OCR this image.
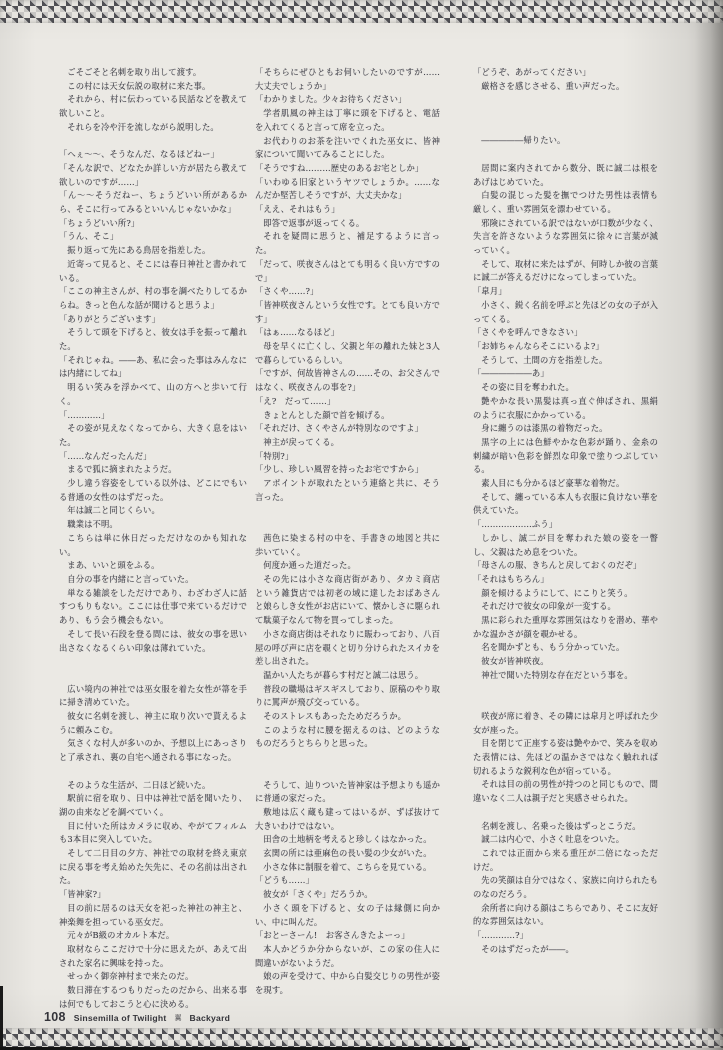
ごそごそと名刺を取り出して渡す。

この村には天女伝説の取材に来た事。

それから、村に伝わっている民話などを教えて欲しいこと。

それらを冷や汗を流しながら説明した。

「へぇ～～、そうなんだ、なるほどねー」

「そんな訳で、どなたか詳しい方が居たら教えて欲しいのですが……」

「ん～～そうだねー、ちょうどいい所があるから、そこに行ってみるといいんじゃないかな」

「ちょうどいい所?」

「うん、そこ」

振り返って先にある鳥居を指差した。

近寄って見ると、そこには春日神社と書かれている。

「ここの神主さんが、村の事を調べたりしてるからね。きっと色んな話が聞けると思うよ」

「ありがとうございます」

そうして頭を下げると、彼女は手を振って離れた。

「それじゃね。――あ、私に会った事はみんなには内緒にしてね」

明るい笑みを浮かべて、山の方へと歩いて行く。

「…………」

その姿が見えなくなってから、大きく息をはいた。

「……なんだったんだ」

まるで狐に摘まれたようだ。

少し違う容姿をしている以外は、どこにでもいる普通の女性のはずだった。

年は誠二と同じくらい。

職業は不明。

こちらは単に休日だっただけなのかも知れない。

まあ、いいと頭をふる。

自分の事を内緒にと言っていた。

単なる雑談をしただけであり、わざわざ人に話すつもりもない。ここには仕事で来ているだけであり、もう会う機会もない。

そして長い石段を登る間には、彼女の事を思い出さなくなるくらい印象は薄れていた。

広い境内の神社では巫女服を着た女性が箒を手に掃き清めていた。

彼女に名刺を渡し、神主に取り次いで貰えるように頼みこむ。

気さくな村人が多いのか、予想以上にあっさりと了承され、裏の自宅へ通される事になった。

そのような生活が、二日ほど続いた。

駅前に宿を取り、日中は神社で話を聞いたり、湖の由来などを調べていく。

目に付いた所はカメラに収め、やがてフィルムも3本目に突入していた。

そして二日目の夕方、神社での取材を終え東京に戻る事を考え始めた矢先に、その名前は出された。

「皆神家?」

目の前に居るのは天女を祀った神社の神主と、神楽舞を担っている巫女だ。

元々がB級のオカルト本だ。

取材ならここだけで十分に思えたが、あえて出された家名に興味を持った。

せっかく御奈神村まで来たのだ。

数日滞在するつもりだったのだから、出来る事は何でもしておこうと心に決める。

「そちらにぜひともお伺いしたいのですが……大丈夫でしょうか」

「わかりました。少々お待ちください」

学者肌風の神主は丁寧に頭を下げると、電話を入れてくると言って席を立った。

お代わりのお茶を注いでくれた巫女に、皆神家について聞いてみることにした。

「そうですね………歴史のあるお宅としか」

「いわゆる旧家というヤツでしょうか。……なんだか堅苦しそうですが、大丈夫かな」

「ええ、それはもう」

即答で返事が返ってくる。

それを疑問に思うと、補足するように言った。

「だって、咲夜さんはとても明るく良い方ですので」

「さくや……?」

「皆神咲夜さんという女性です。とても良い方です」

「はぁ……なるほど」

母を早くに亡くし、父親と年の離れた妹と3人で暮らしているらしい。

「ですが、何故皆神さんの……その、お父さんではなく、咲夜さんの事を?」

「え?　だって……」

きょとんとした顔で首を傾げる。

「それだけ、さくやさんが特別なのですよ」

神主が戻ってくる。

「特別?」

「少し、珍しい風習を持ったお宅ですから」

アポイントが取れたという連絡と共に、そう言った。

茜色に染まる村の中を、手書きの地図と共に歩いていく。

何度か通った道だった。

その先には小さな商店街があり、タカミ商店という雑貨店では初老の域に達したおばあさんと娘らしき女性がお店にいて、懐かしさに駆られて駄菓子なんて物を買ってしまった。

小さな商店街はそれなりに賑わっており、八百屋の呼び声に店を覗くと切り分けられたスイカを差し出された。

温かい人たちが暮らす村だと誠二は思う。

普段の職場はギスギスしており、原稿のやり取りに罵声が飛び交っている。

そのストレスもあったためだろうか。

このような村に腰を据えるのは、どのようなものだろうとちらりと思った。

そうして、辿りついた皆神家は予想よりも遥かに普通の家だった。

敷地は広く蔵も建ってはいるが、ずば抜けて大きいわけではない。

田舎の土地柄を考えると珍しくはなかった。

玄関の所には亜麻色の長い髪の少女がいた。

小さな体に制服を着て、こちらを見ている。

「どうも……」

彼女が「さくや」だろうか。

小さく頭を下げると、女の子は縁側に向かい、中に叫んだ。

「おとーさーん!　お客さんきたよーっ」

本人かどうか分からないが、この家の住人に間違いがないようだ。

娘の声を受けて、中から白髪交じりの男性が姿を現す。

「どうぞ、あがってください」

厳格さを感じさせる、重い声だった。

―――――帰りたい。

居間に案内されてから数分、既に誠二は根をあげはじめていた。

白髪の混じった髪を撫でつけた男性は表情も厳しく、重い雰囲気を漂わせている。

邪険にされている訳ではないが口数が少なく、失言を許さないような雰囲気に徐々に言葉が減っていく。

そして、取材に来たはずが、何時しか彼の言葉に誠二が答えるだけになってしまっていた。

「皐月」

小さく、鋭く名前を呼ぶと先ほどの女の子が入ってくる。

「さくやを呼んできなさい」

「お姉ちゃんならそこにいるよ?」

そうして、土間の方を指差した。

「――――――あ」

その姿に目を奪われた。

艶やかな長い黒髪は真っ直ぐ伸ばされ、黒絹のように衣服にかかっている。

身に纏うのは漆黒の着物だった。

黒字の上には色鮮やかな色彩が踊り、金糸の刺繍が暗い色彩を鮮烈な印象で塗りつぶしている。

素人目にも分かるほど豪華な着物だ。

そして、纏っている本人も衣服に負けない華を供えていた。

「………………ふう」

しかし、誠二が目を奪われた娘の姿を一瞥し、父親はため息をついた。

「母さんの服、きちんと戻しておくのだぞ」

「それはもちろん」

顔を傾けるようにして、にこりと笑う。

それだけで彼女の印象が一変する。

黒に彩られた重厚な雰囲気はなりを潜め、華やかな温かさが顔を覗かせる。

名を聞かずとも、もう分かっていた。

彼女が皆神咲夜。

神社で聞いた特別な存在だという事を。

咲夜が席に着き、その隣には皐月と呼ばれた少女が座った。

目を閉じて正座する姿は艶やかで、笑みを収めた表情には、先ほどの温かさではなく触れれば切れるような鋭利な色が宿っている。

それは目の前の男性が持つのと同じもので、間違いなく二人は親子だと実感させられた。

名刺を渡し、名乗った後はずっとこうだ。

誠二は内心で、小さく吐息をついた。

これでは正面から来る重圧が二倍になっただけだ。

先の笑顔は自分ではなく、家族に向けられたものなのだろう。

余所者に向ける顔はこちらであり、そこに友好的な雰囲気はない。

「…………?」

そのはずだったが――。

108 Sinsemilla of Twilight 翼 Backyard
